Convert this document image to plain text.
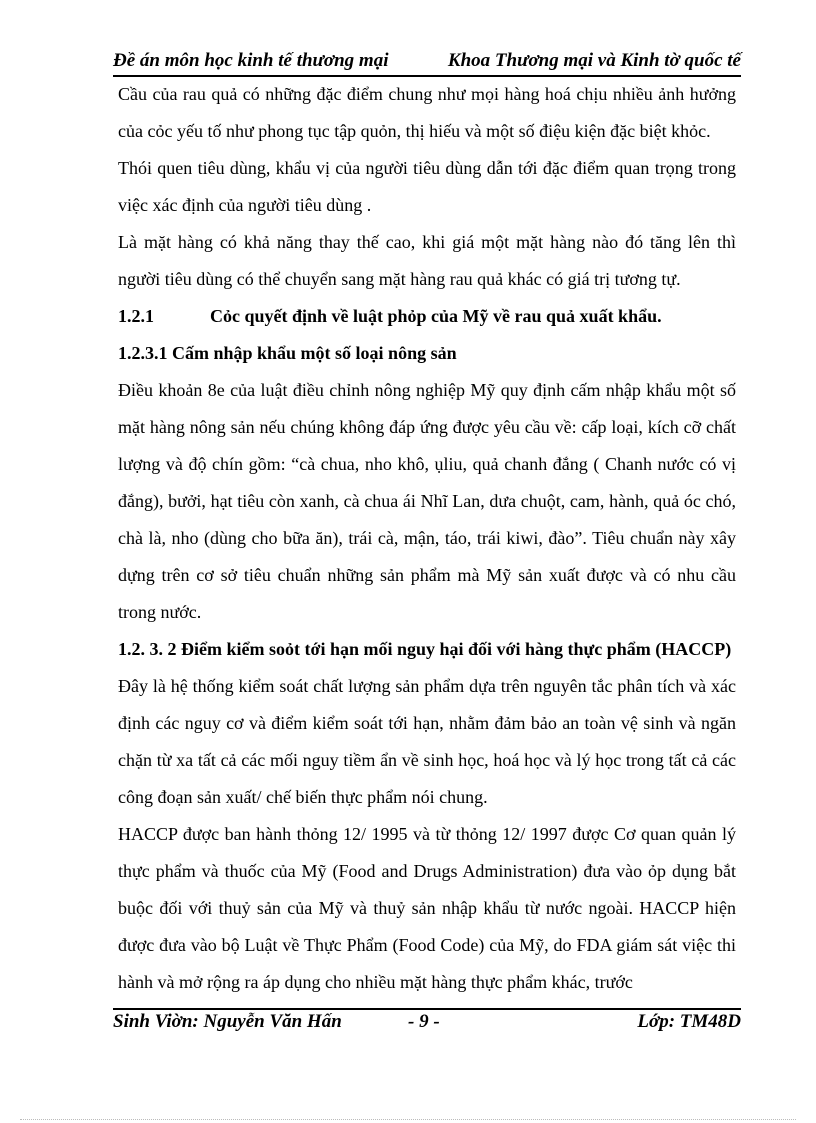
Đề án môn học kinh tế thương mại	Khoa Thương mại và Kinh tờ quốc tế

Cầu của rau quả có những đặc điểm chung như mọi hàng hoá chịu nhiều ảnh hưởng của cỏc yếu tố như phong tục tập quỏn, thị hiếu và một số điệu kiện đặc biệt khỏc.

Thói quen tiêu dùng, khẩu vị của người tiêu dùng dẫn tới đặc điểm quan trọng trong việc xác định của người tiêu dùng .

Là mặt hàng có khả năng thay thế cao, khi giá một mặt hàng nào đó tăng lên thì người tiêu dùng có thể chuyển sang mặt hàng rau quả khác có giá trị tương tự.

1.2.1	Cỏc quyết định về luật phỏp của Mỹ về rau quả xuất khẩu.

1.2.3.1 Cấm nhập khẩu một số loại nông sản

Điều khoản 8e của luật điều chỉnh nông nghiệp Mỹ quy định cấm nhập khẩu một số mặt hàng nông sản nếu chúng không đáp ứng được yêu cầu về: cấp loại, kích cỡ chất lượng và độ chín gồm: “cà chua, nho khô, ụliu, quả chanh đắng ( Chanh nước có vị đắng), bưởi, hạt tiêu còn xanh, cà chua ái Nhĩ Lan, dưa chuột, cam, hành, quả óc chó, chà là, nho (dùng cho bữa ăn), trái cà, mận, táo, trái kiwi, đào”. Tiêu chuẩn này xây dựng trên cơ sở tiêu chuẩn những sản phẩm mà Mỹ sản xuất được và có nhu cầu trong nước.

1.2. 3. 2 Điểm kiểm soỏt tới hạn mối nguy hại đối với hàng thực phẩm (HACCP)

Đây là hệ thống kiểm soát chất lượng sản phẩm dựa trên nguyên tắc phân tích và xác định các nguy cơ và điểm kiểm soát tới hạn, nhằm đảm bảo an toàn vệ sinh và ngăn chặn từ xa tất cả các mối nguy tiềm ẩn về sinh học, hoá học và lý học trong tất cả các công đoạn sản xuất/ chế biến thực phẩm nói chung.

HACCP được ban hành thỏng 12/ 1995 và từ thỏng 12/ 1997 được Cơ quan quản lý thực phẩm và thuốc của Mỹ (Food and Drugs Administration) đưa vào ỏp dụng bắt buộc đối với thuỷ sản của Mỹ và thuỷ sản nhập khẩu từ nước ngoài. HACCP hiện được đưa vào bộ Luật về Thực Phẩm (Food Code) của Mỹ, do FDA giám sát việc thi hành và mở rộng ra áp dụng cho nhiều mặt hàng thực phẩm khác, trước

Sinh Viờn: Nguyễn Văn Hấn	- 9 -	Lớp: TM48D
